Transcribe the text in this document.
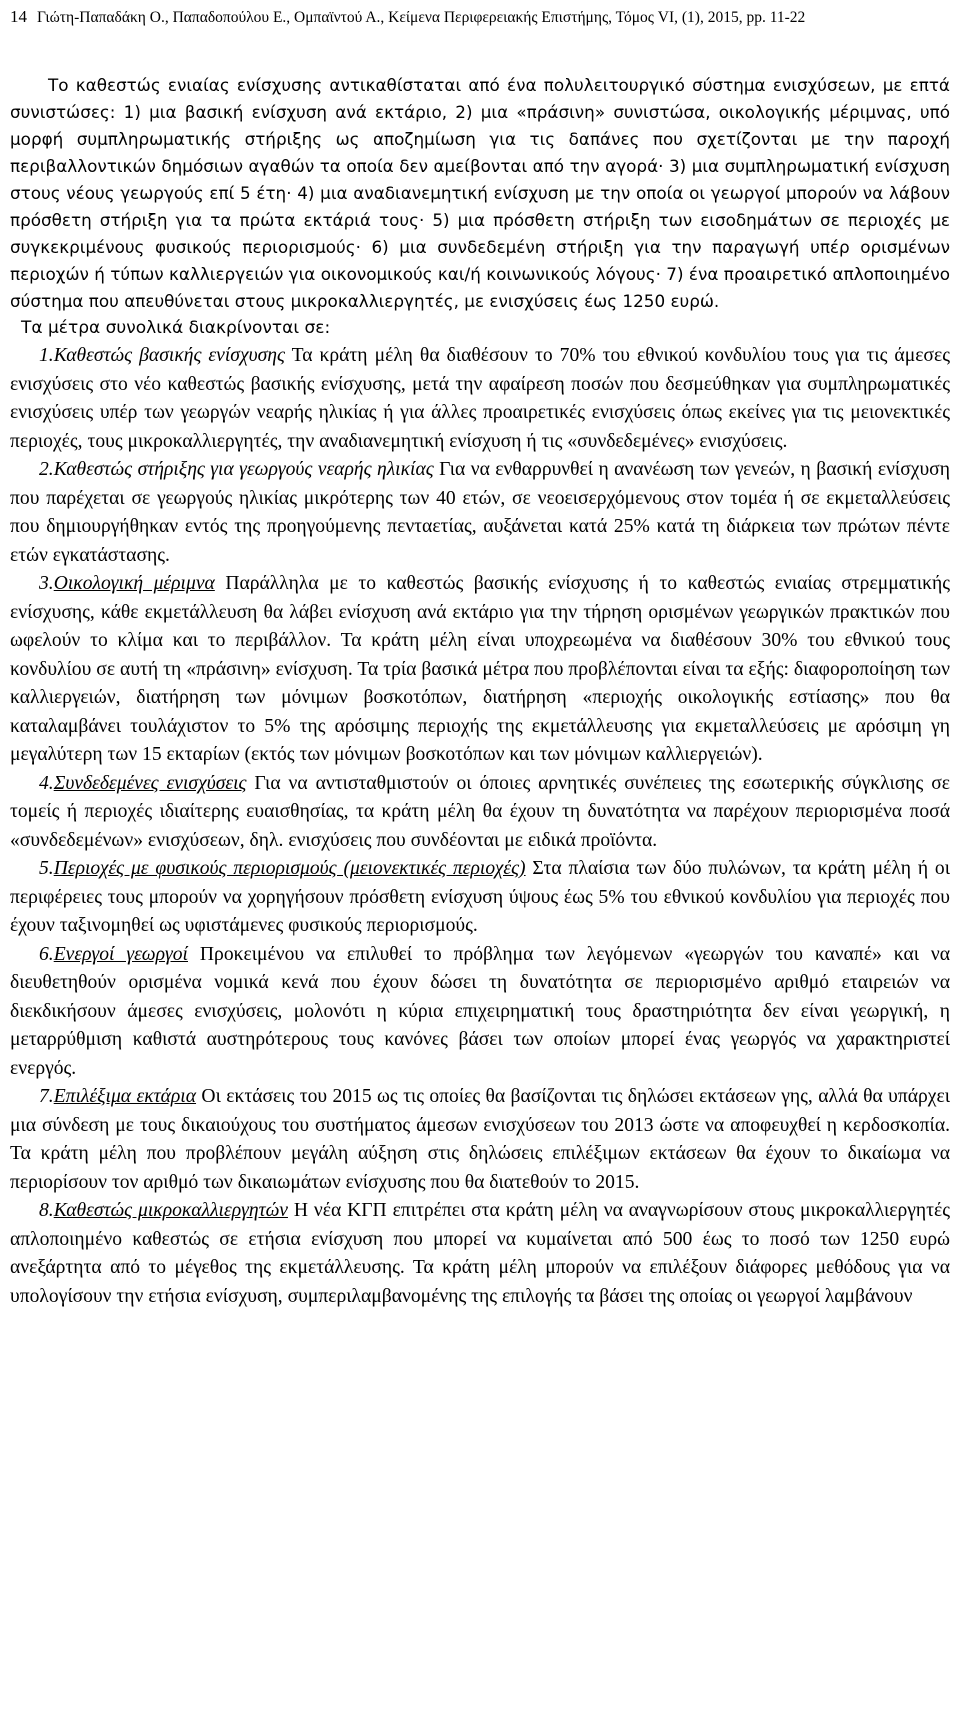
14 Γιώτη-Παπαδάκη Ο., Παπαδοπούλου Ε., Ομπαϊντού Α., Κείμενα Περιφερειακής Επιστήμης, Τόμος VI, (1), 2015, pp. 11-22
Το καθεστώς ενιαίας ενίσχυσης αντικαθίσταται από ένα πολυλειτουργικό σύστημα ενισχύσεων, με επτά συνιστώσες: 1) μια βασική ενίσχυση ανά εκτάριο, 2) μια «πράσινη» συνιστώσα, οικολογικής μέριμνας, υπό μορφή συμπληρωματικής στήριξης ως αποζημίωση για τις δαπάνες που σχετίζονται με την παροχή περιβαλλοντικών δημόσιων αγαθών τα οποία δεν αμείβονται από την αγορά· 3) μια συμπληρωματική ενίσχυση στους νέους γεωργούς επί 5 έτη· 4) μια αναδιανεμητική ενίσχυση με την οποία οι γεωργοί μπορούν να λάβουν πρόσθετη στήριξη για τα πρώτα εκτάριά τους· 5) μια πρόσθετη στήριξη των εισοδημάτων σε περιοχές με συγκεκριμένους φυσικούς περιορισμούς· 6) μια συνδεδεμένη στήριξη για την παραγωγή υπέρ ορισμένων περιοχών ή τύπων καλλιεργειών για οικονομικούς και/ή κοινωνικούς λόγους· 7) ένα προαιρετικό απλοποιημένο σύστημα που απευθύνεται στους μικροκαλλιεργητές, με ενισχύσεις έως 1250 ευρώ.
Τα μέτρα συνολικά διακρίνονται σε:

1.Καθεστώς βασικής ενίσχυσης Τα κράτη μέλη θα διαθέσουν το 70% του εθνικού κονδυλίου τους για τις άμεσες ενισχύσεις στο νέο καθεστώς βασικής ενίσχυσης, μετά την αφαίρεση ποσών που δεσμεύθηκαν για συμπληρωματικές ενισχύσεις υπέρ των γεωργών νεαρής ηλικίας ή για άλλες προαιρετικές ενισχύσεις όπως εκείνες για τις μειονεκτικές περιοχές, τους μικροκαλλιεργητές, την αναδιανεμητική ενίσχυση ή τις «συνδεδεμένες» ενισχύσεις.

2.Καθεστώς στήριξης για γεωργούς νεαρής ηλικίας Για να ενθαρρυνθεί η ανανέωση των γενεών, η βασική ενίσχυση που παρέχεται σε γεωργούς ηλικίας μικρότερης των 40 ετών, σε νεοεισερχόμενους στον τομέα ή σε εκμεταλλεύσεις που δημιουργήθηκαν εντός της προηγούμενης πενταετίας, αυξάνεται κατά 25% κατά τη διάρκεια των πρώτων πέντε ετών εγκατάστασης.

3.Οικολογική μέριμνα Παράλληλα με το καθεστώς βασικής ενίσχυσης ή το καθεστώς ενιαίας στρεμματικής ενίσχυσης, κάθε εκμετάλλευση θα λάβει ενίσχυση ανά εκτάριο για την τήρηση ορισμένων γεωργικών πρακτικών που ωφελούν το κλίμα και το περιβάλλον. Τα κράτη μέλη είναι υποχρεωμένα να διαθέσουν 30% του εθνικού τους κονδυλίου σε αυτή τη «πράσινη» ενίσχυση. Τα τρία βασικά μέτρα που προβλέπονται είναι τα εξής: διαφοροποίηση των καλλιεργειών, διατήρηση των μόνιμων βοσκοτόπων, διατήρηση «περιοχής οικολογικής εστίασης» που θα καταλαμβάνει τουλάχιστον το 5% της αρόσιμης περιοχής της εκμετάλλευσης για εκμεταλλεύσεις με αρόσιμη γη μεγαλύτερη των 15 εκταρίων (εκτός των μόνιμων βοσκοτόπων και των μόνιμων καλλιεργειών).

4.Συνδεδεμένες ενισχύσεις Για να αντισταθμιστούν οι όποιες αρνητικές συνέπειες της εσωτερικής σύγκλισης σε τομείς ή περιοχές ιδιαίτερης ευαισθησίας, τα κράτη μέλη θα έχουν τη δυνατότητα να παρέχουν περιορισμένα ποσά «συνδεδεμένων» ενισχύσεων, δηλ. ενισχύσεις που συνδέονται με ειδικά προϊόντα.

5.Περιοχές με φυσικούς περιορισμούς (μειονεκτικές περιοχές) Στα πλαίσια των δύο πυλώνων, τα κράτη μέλη ή οι περιφέρειες τους μπορούν να χορηγήσουν πρόσθετη ενίσχυση ύψους έως 5% του εθνικού κονδυλίου για περιοχές που έχουν ταξινομηθεί ως υφιστάμενες φυσικούς περιορισμούς.

6.Ενεργοί γεωργοί Προκειμένου να επιλυθεί το πρόβλημα των λεγόμενων «γεωργών του καναπέ» και να διευθετηθούν ορισμένα νομικά κενά που έχουν δώσει τη δυνατότητα σε περιορισμένο αριθμό εταιρειών να διεκδικήσουν άμεσες ενισχύσεις, μολονότι η κύρια επιχειρηματική τους δραστηριότητα δεν είναι γεωργική, η μεταρρύθμιση καθιστά αυστηρότερους τους κανόνες βάσει των οποίων μπορεί ένας γεωργός να χαρακτηριστεί ενεργός.

7.Επιλέξιμα εκτάρια Οι εκτάσεις του 2015 ως τις οποίες θα βασίζονται τις δηλώσει εκτάσεων γης, αλλά θα υπάρχει μια σύνδεση με τους δικαιούχους του συστήματος άμεσων ενισχύσεων του 2013 ώστε να αποφευχθεί η κερδοσκοπία. Τα κράτη μέλη που προβλέπουν μεγάλη αύξηση στις δηλώσεις επιλέξιμων εκτάσεων θα έχουν το δικαίωμα να περιορίσουν τον αριθμό των δικαιωμάτων ενίσχυσης που θα διατεθούν το 2015.

8.Καθεστώς μικροκαλλιεργητών Η νέα ΚΓΠ επιτρέπει στα κράτη μέλη να αναγνωρίσουν στους μικροκαλλιεργητές απλοποιημένο καθεστώς σε ετήσια ενίσχυση που μπορεί να κυμαίνεται από 500 έως το ποσό των 1250 ευρώ ανεξάρτητα από το μέγεθος της εκμετάλλευσης. Τα κράτη μέλη μπορούν να επιλέξουν διάφορες μεθόδους για να υπολογίσουν την ετήσια ενίσχυση, συμπεριλαμβανομένης της επιλογής τα βάσει της οποίας οι γεωργοί λαμβάνουν
